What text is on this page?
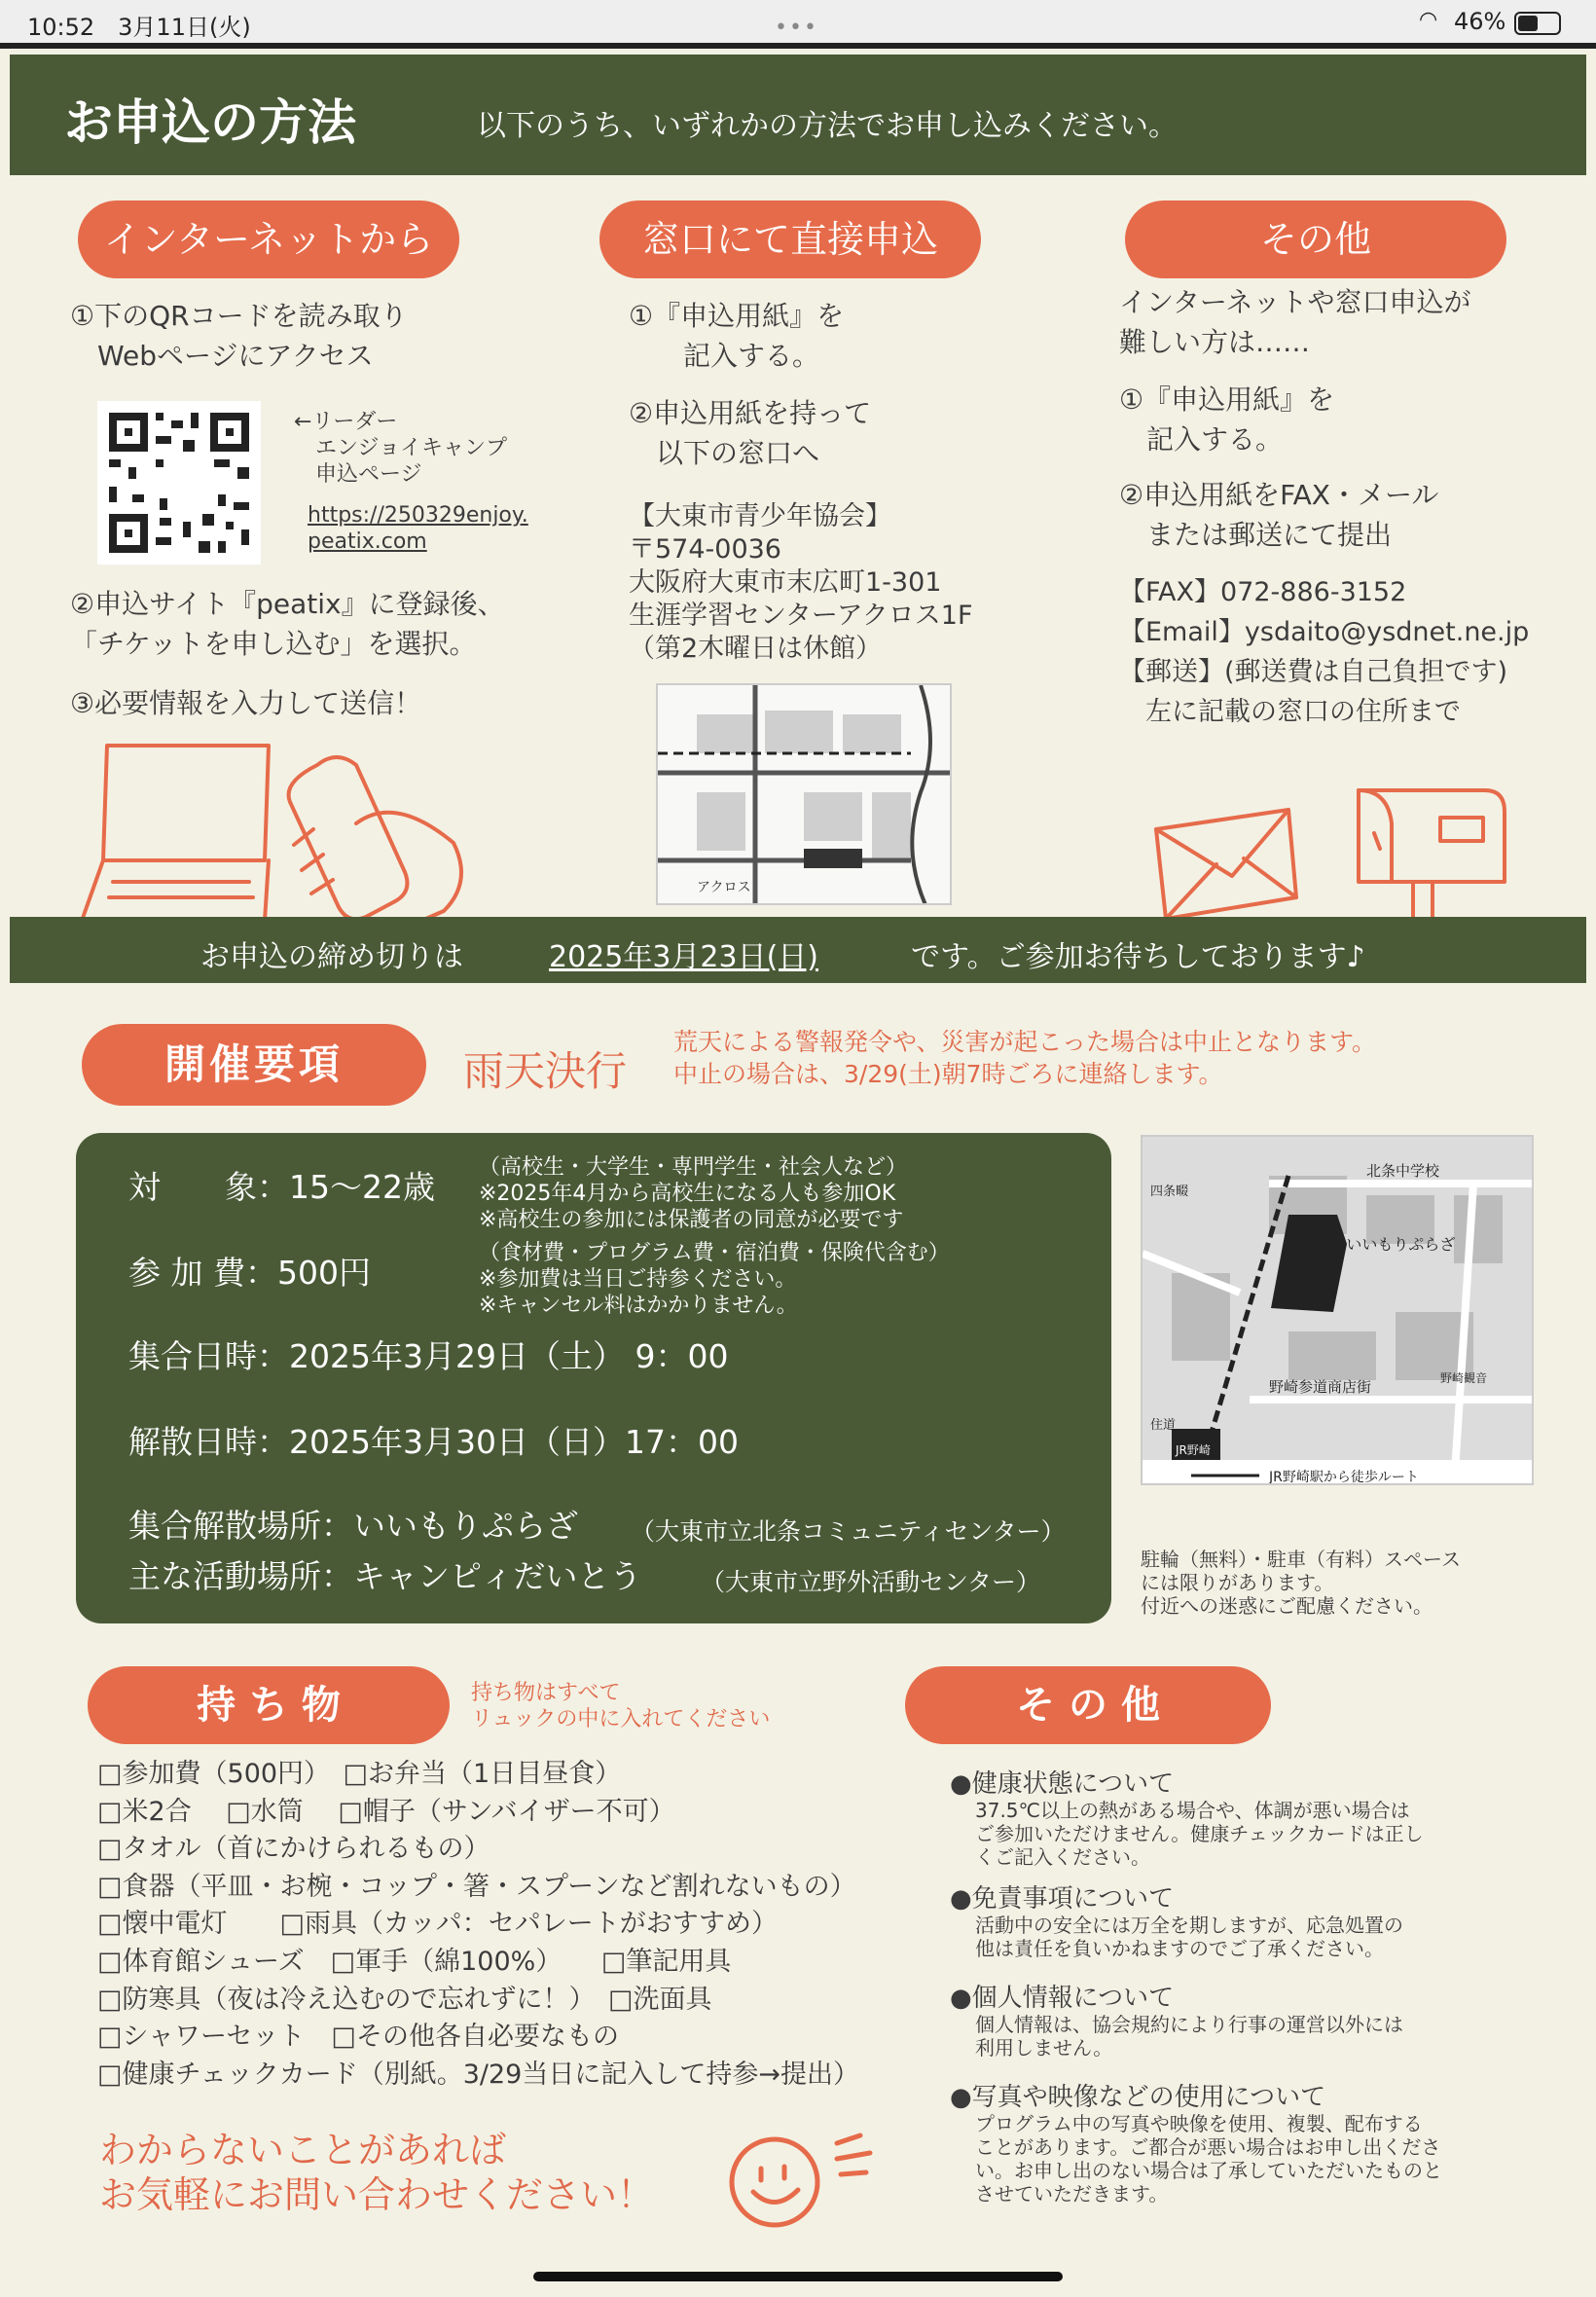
10:52　3月11日(火)	•••	◠ 46%
お申込の方法	以下のうち、いずれかの方法でお申し込みください。
インターネットから
①下のQRコードを読み取り
　Webページにアクセス
←リーダー
　エンジョイキャンプ
　申込ページ
https://250329enjoy.
peatix.com
②申込サイト『peatix』に登録後、
「チケットを申し込む」を選択。
③必要情報を入力して送信！
窓口にて直接申込
①『申込用紙』を
　　記入する。
②申込用紙を持って
　以下の窓口へ
【大東市青少年協会】
〒574-0036
大阪府大東市末広町1-301
生涯学習センターアクロス1F
（第2木曜日は休館）
アクロス
その他
インターネットや窓口申込が
難しい方は……
①『申込用紙』を
　記入する。
②申込用紙をFAX・メール
　または郵送にて提出
【FAX】072-886-3152
【Email】ysdaito@ysdnet.ne.jp
【郵送】(郵送費は自己負担です)
　左に記載の窓口の住所まで
お申込の締め切りは	2025年3月23日(日)	です。ご参加お待ちしております♪
開催要項	雨天決行
荒天による警報発令や、災害が起こった場合は中止となります。
中止の場合は、3/29(土)朝7時ごろに連絡します。
対　　象：15～22歳
（高校生・大学生・専門学生・社会人など）
※2025年4月から高校生になる人も参加OK
※高校生の参加には保護者の同意が必要です
参 加 費：500円
（食材費・プログラム費・宿泊費・保険代含む）
※参加費は当日ご持参ください。
※キャンセル料はかかりません。
集合日時：2025年3月29日（土） 9：00
解散日時：2025年3月30日（日）17：00
集合解散場所：いいもりぷらざ （大東市立北条コミュニティセンター）
主な活動場所：キャンピィだいとう （大東市立野外活動センター）
北条中学校
←いいもりぷらざ
野崎参道商店街	野崎観音
四条畷
住道
JR野崎
JR野崎駅から徒歩ルート
駐輪（無料）・駐車（有料）スペース
には限りがあります。
付近への迷惑にご配慮ください。
持 ち 物	持ち物はすべて
リュックの中に入れてください
□参加費（500円）　□お弁当（1日目昼食）
□米2合　 □水筒　 □帽子（サンバイザー不可）
□タオル（首にかけられるもの）
□食器（平皿・お椀・コップ・箸・スプーンなど割れないもの）
□懐中電灯　　□雨具（カッパ：セパレートがおすすめ）
□体育館シューズ　□軍手（綿100%）　　□筆記用具
□防寒具（夜は冷え込むので忘れずに！）　□洗面具
□シャワーセット　□その他各自必要なもの
□健康チェックカード（別紙。3/29当日に記入して持参→提出）
わからないことがあれば
お気軽にお問い合わせください！
そ の 他
●健康状態について
37.5℃以上の熱がある場合や、体調が悪い場合は
ご参加いただけません。健康チェックカードは正し
くご記入ください。
●免責事項について
活動中の安全には万全を期しますが、応急処置の
他は責任を負いかねますのでご了承ください。
●個人情報について
個人情報は、協会規約により行事の運営以外には
利用しません。
●写真や映像などの使用について
プログラム中の写真や映像を使用、複製、配布する
ことがあります。ご都合が悪い場合はお申し出くださ
い。お申し出のない場合は了承していただいたものと
させていただきます。
